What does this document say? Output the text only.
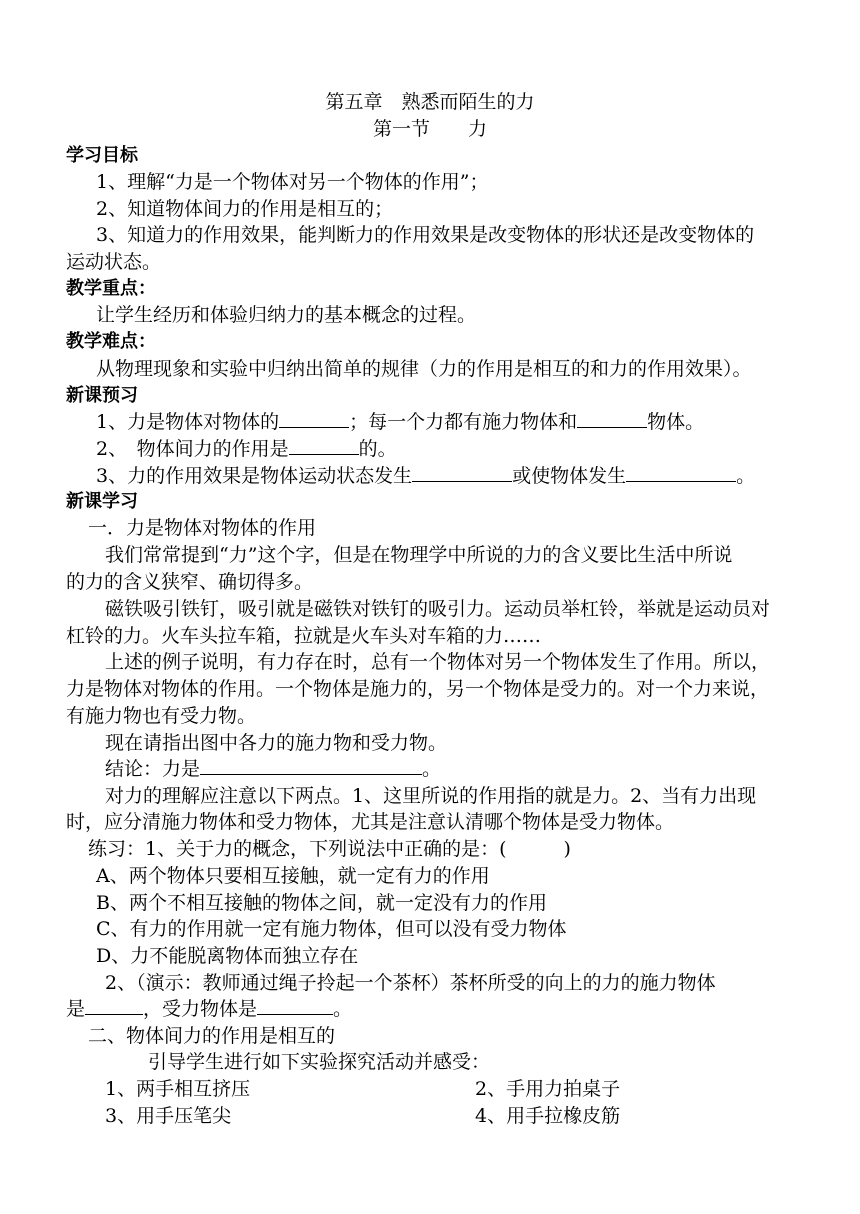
第五章　熟悉而陌生的力
第一节　　力
学习目标
1、理解“力是一个物体对另一个物体的作用”；
2、知道物体间力的作用是相互的；
3、知道力的作用效果，能判断力的作用效果是改变物体的形状还是改变物体的
运动状态。
教学重点：
让学生经历和体验归纳力的基本概念的过程。
教学难点：
从物理现象和实验中归纳出简单的规律（力的作用是相互的和力的作用效果）。
新课预习
1、力是物体对物体的	；每一个力都有施力物体和	物体。
2、　物体间力的作用是	的。
3、力的作用效果是物体运动状态发生	或使物体发生	。
新课学习
一．力是物体对物体的作用
我们常常提到“力”这个字，但是在物理学中所说的力的含义要比生活中所说
的力的含义狭窄、确切得多。
磁铁吸引铁钉，吸引就是磁铁对铁钉的吸引力。运动员举杠铃，举就是运动员对
杠铃的力。火车头拉车箱，拉就是火车头对车箱的力……
上述的例子说明，有力存在时，总有一个物体对另一个物体发生了作用。所以，
力是物体对物体的作用。一个物体是施力的，另一个物体是受力的。对一个力来说，
有施力物也有受力物。
现在请指出图中各力的施力物和受力物。
结论：力是	。
对力的理解应注意以下两点。1、这里所说的作用指的就是力。2、当有力出现
时，应分清施力物体和受力物体，尤其是注意认清哪个物体是受力物体。
练习：1、关于力的概念，下列说法中正确的是：(　　　)
A、两个物体只要相互接触，就一定有力的作用
B、两个不相互接触的物体之间，就一定没有力的作用
C、有力的作用就一定有施力物体，但可以没有受力物体
D、力不能脱离物体而独立存在
2、（演示：教师通过绳子拎起一个茶杯）茶杯所受的向上的力的施力物体
是	，受力物体是	。
二、物体间力的作用是相互的
引导学生进行如下实验探究活动并感受：
1、两手相互挤压	2、手用力拍桌子
3、用手压笔尖	4、用手拉橡皮筋
